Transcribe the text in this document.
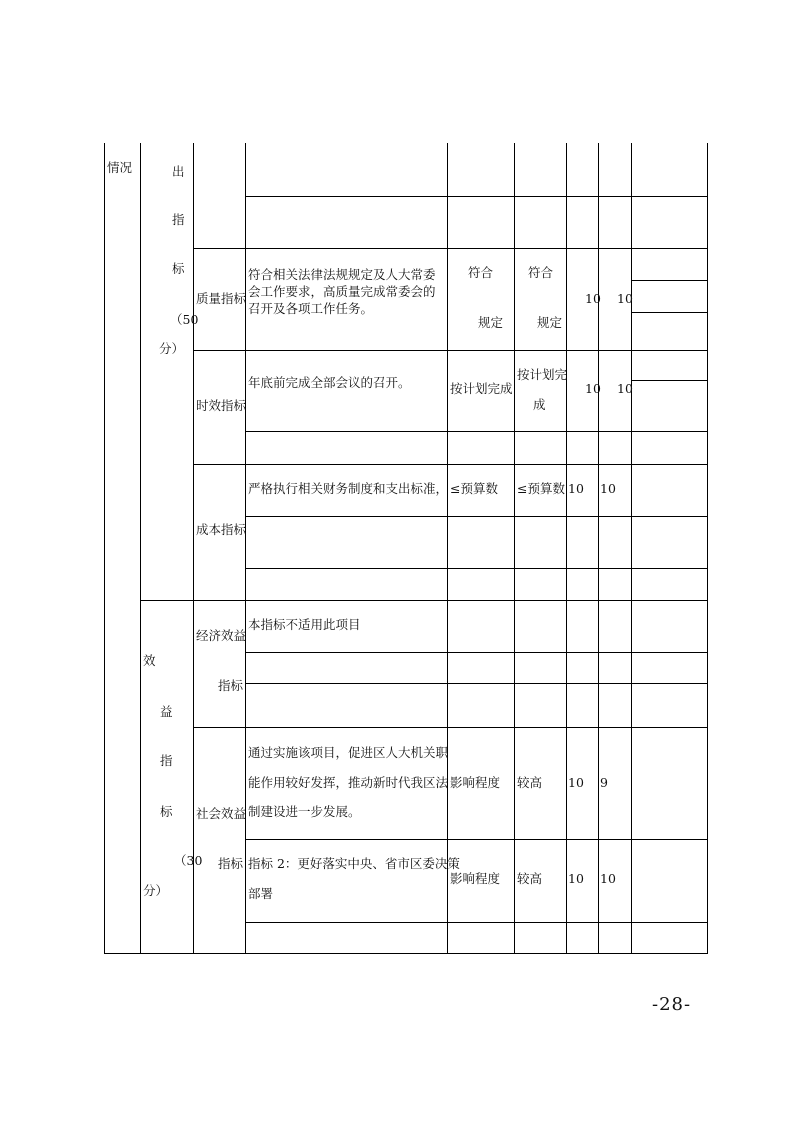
情况	出
指
标
（50
分）
效
益
指
标
（30
分）
质量指标
符合相关法律法规规定及人大常委会工作要求，高质量完成常委会的召开及各项工作任务。
符合
规定
符合
规定
10 10
时效指标
年底前完成全部会议的召开。	按计划完成
按计划完
成
10 10
成本指标
严格执行相关财务制度和支出标准， ≤预算数 ≤预算数 10 10
经济效益
指标
本指标不适用此项目
社会效益
指标
通过实施该项目，促进区人大机关职
能作用较好发挥，推动新时代我区法
制建设进一步发展。
影响程度 较高 10 9
指标 2：更好落实中央、省市区委决策
部署
影响程度 较高 10 10
-28-
